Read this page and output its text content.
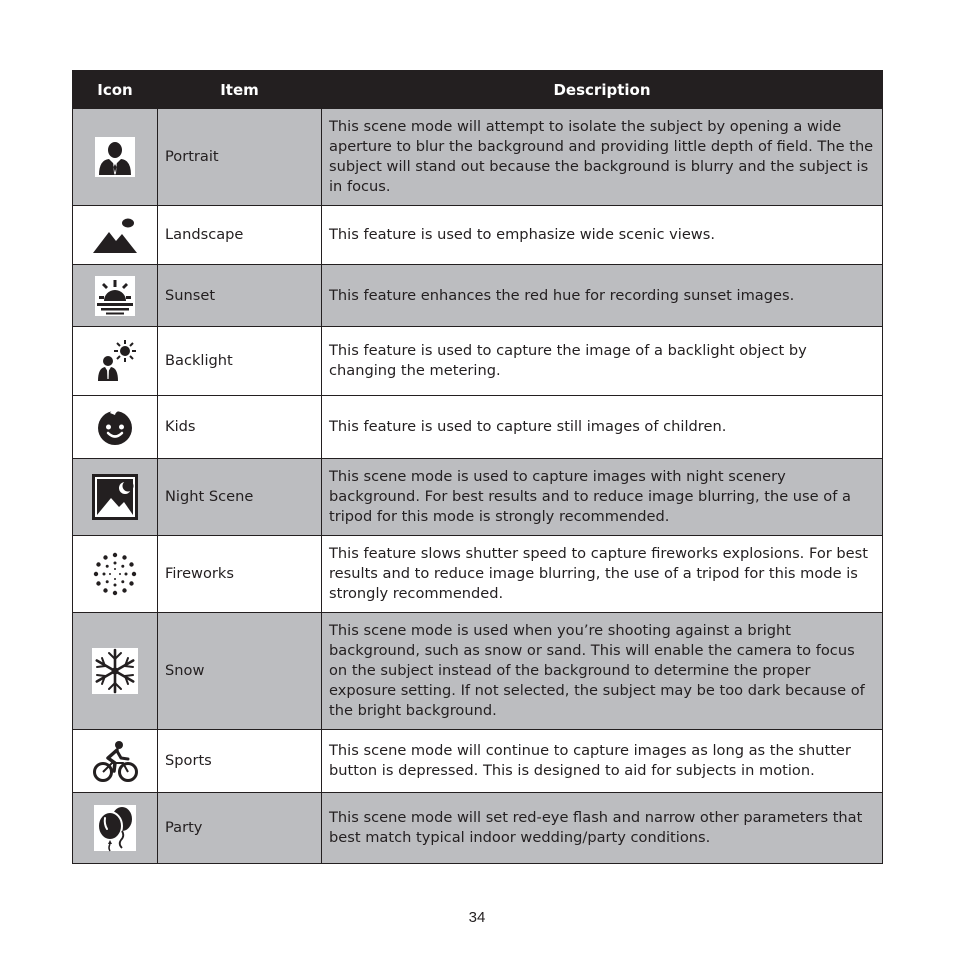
Icon	Item	Description

	Portrait	This scene mode will attempt to isolate the subject by opening a wide aperture to blur the background and providing little depth of field. The the subject will stand out because the background is blurry and the subject is in focus.

	Landscape	This feature is used to emphasize wide scenic views.

	Sunset	This feature enhances the red hue for recording sunset images.

	Backlight	This feature is used to capture the image of a backlight object by changing the metering.

	Kids	This feature is used to capture still images of children.

	Night Scene	This scene mode is used to capture images with night scenery background. For best results and to reduce image blurring, the use of a tripod for this mode is strongly recommended.

	Fireworks	This feature slows shutter speed to capture fireworks explosions. For best results and to reduce image blurring, the use of a tripod for this mode is strongly recommended.

	Snow	This scene mode is used when you’re shooting against a bright background, such as snow or sand. This will enable the camera to focus on the subject instead of the background to determine the proper exposure setting. If not selected, the subject may be too dark because of the bright background.

	Sports	This scene mode will continue to capture images as long as the shutter button is depressed. This is designed to aid for subjects in motion.

	Party	This scene mode will set red-eye flash and narrow other parameters that best match typical indoor wedding/party conditions.
34
